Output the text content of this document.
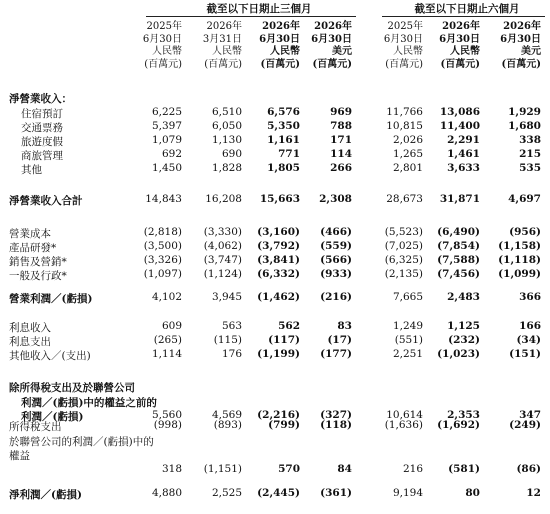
截至以下日期止三個月	截至以下日期止六個月
2025年
6月30日
人民幣
(百萬元)
2026年
3月31日
人民幣
(百萬元)
2026年
6月30日
人民幣
(百萬元)
2026年
6月30日
美元
(百萬元)
2025年
6月30日
人民幣
(百萬元)
2026年
6月30日
人民幣
(百萬元)
2026年
6月30日
美元
(百萬元)
淨營業收入：
住宿預訂	6,225	6,510	6,576	969	11,766	13,086	1,929
交通票務	5,397	6,050	5,350	788	10,815	11,400	1,680
旅遊度假	1,079	1,130	1,161	171	2,026	2,291	338
商旅管理	692	690	771	114	1,265	1,461	215
其他	1,450	1,828	1,805	266	2,801	3,633	535
淨營業收入合計	14,843	16,208	15,663	2,308	28,673	31,871	4,697
營業成本	(2,818)	(3,330)	(3,160)	(466)	(5,523)	(6,490)	(956)
產品研發*	(3,500)	(4,062)	(3,792)	(559)	(7,025)	(7,854)	(1,158)
銷售及營銷*	(3,326)	(3,747)	(3,841)	(566)	(6,325)	(7,588)	(1,118)
一般及行政*	(1,097)	(1,124)	(6,332)	(933)	(2,135)	(7,456)	(1,099)
營業利潤／(虧損)	4,102	3,945	(1,462)	(216)	7,665	2,483	366
利息收入	609	563	562	83	1,249	1,125	166
利息支出	(265)	(115)	(117)	(17)	(551)	(232)	(34)
其他收入／(支出)	1,114	176	(1,199)	(177)	2,251	(1,023)	(151)
除所得稅支出及於聯營公司
利潤／(虧損)中的權益之前的
利潤／(虧損)	5,560	4,569	(2,216)	(327)	10,614	2,353	347
所得稅支出	(998)	(893)	(799)	(118)	(1,636)	(1,692)	(249)
於聯營公司的利潤／(虧損)中的
權益
318	(1,151)	570	84	216	(581)	(86)
淨利潤／(虧損)	4,880	2,525	(2,445)	(361)	9,194	80	12
